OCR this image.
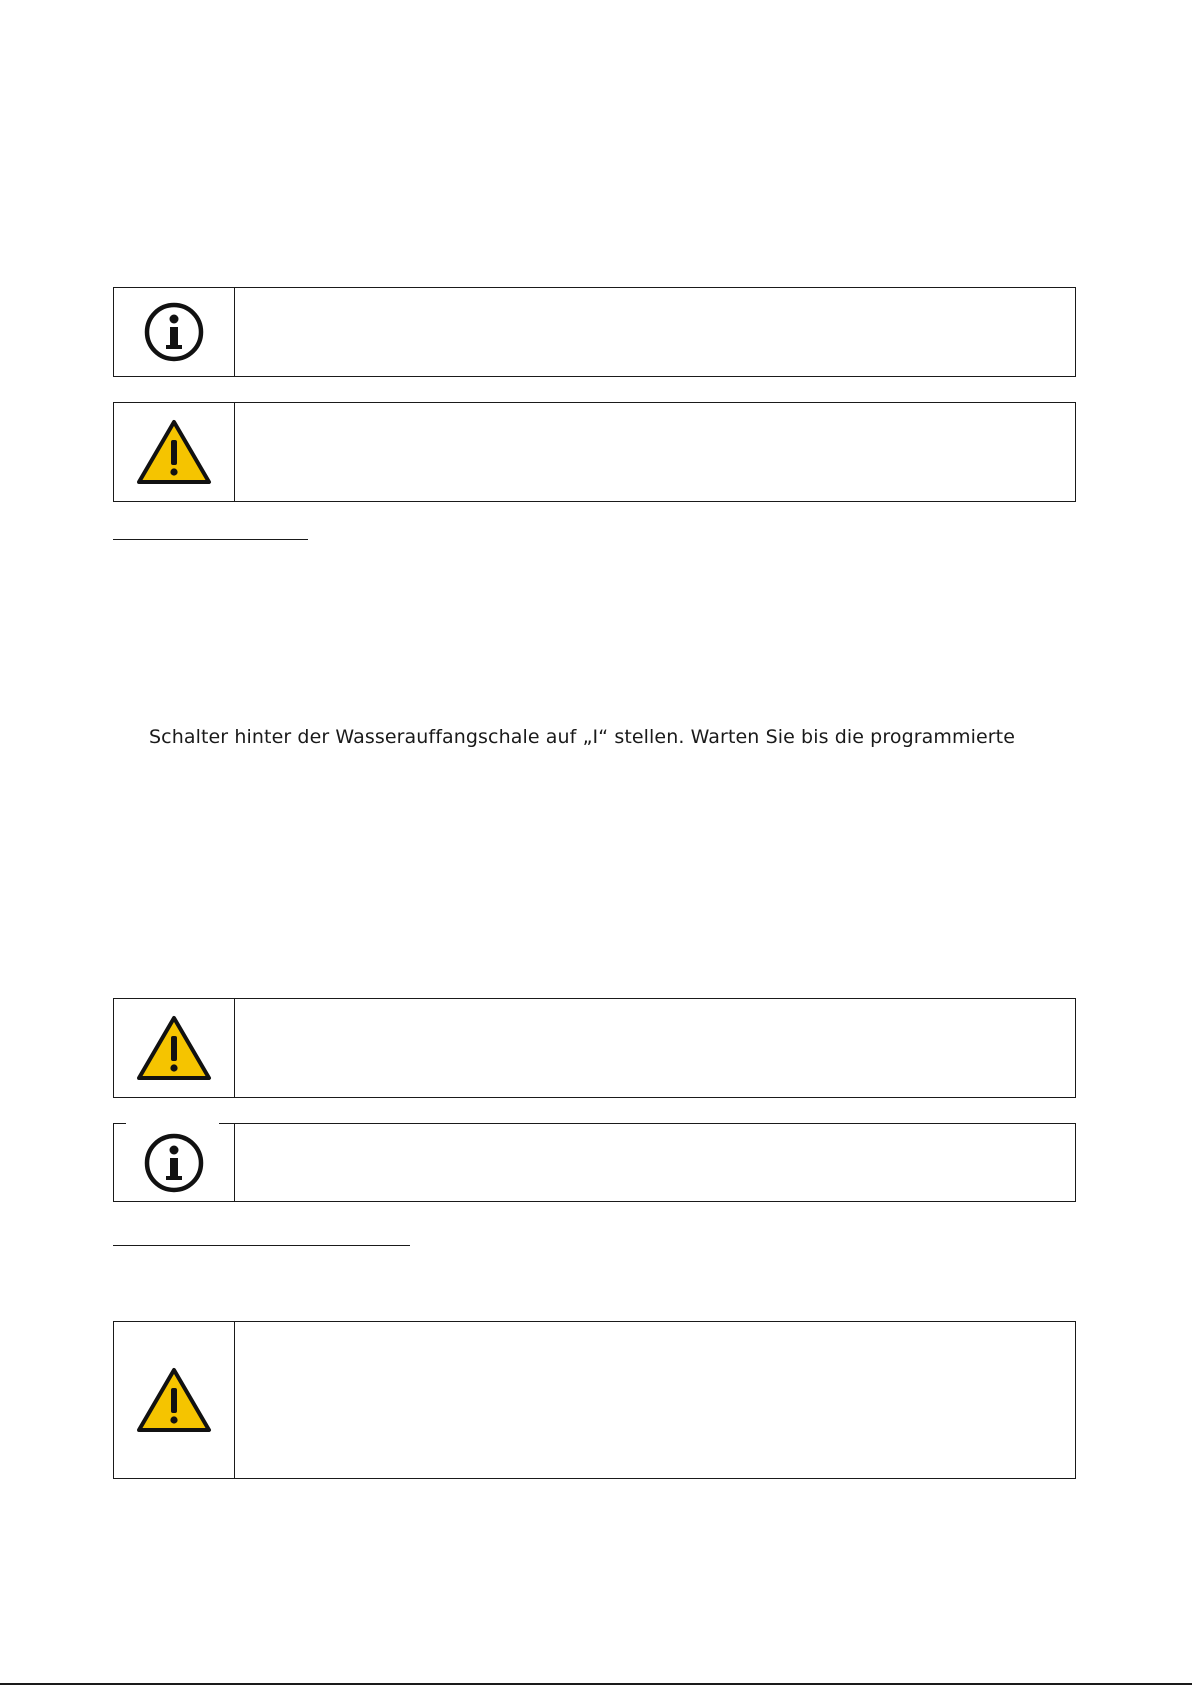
Schalter hinter der Wasserauffangschale auf „I“ stellen. Warten Sie bis die programmierte
